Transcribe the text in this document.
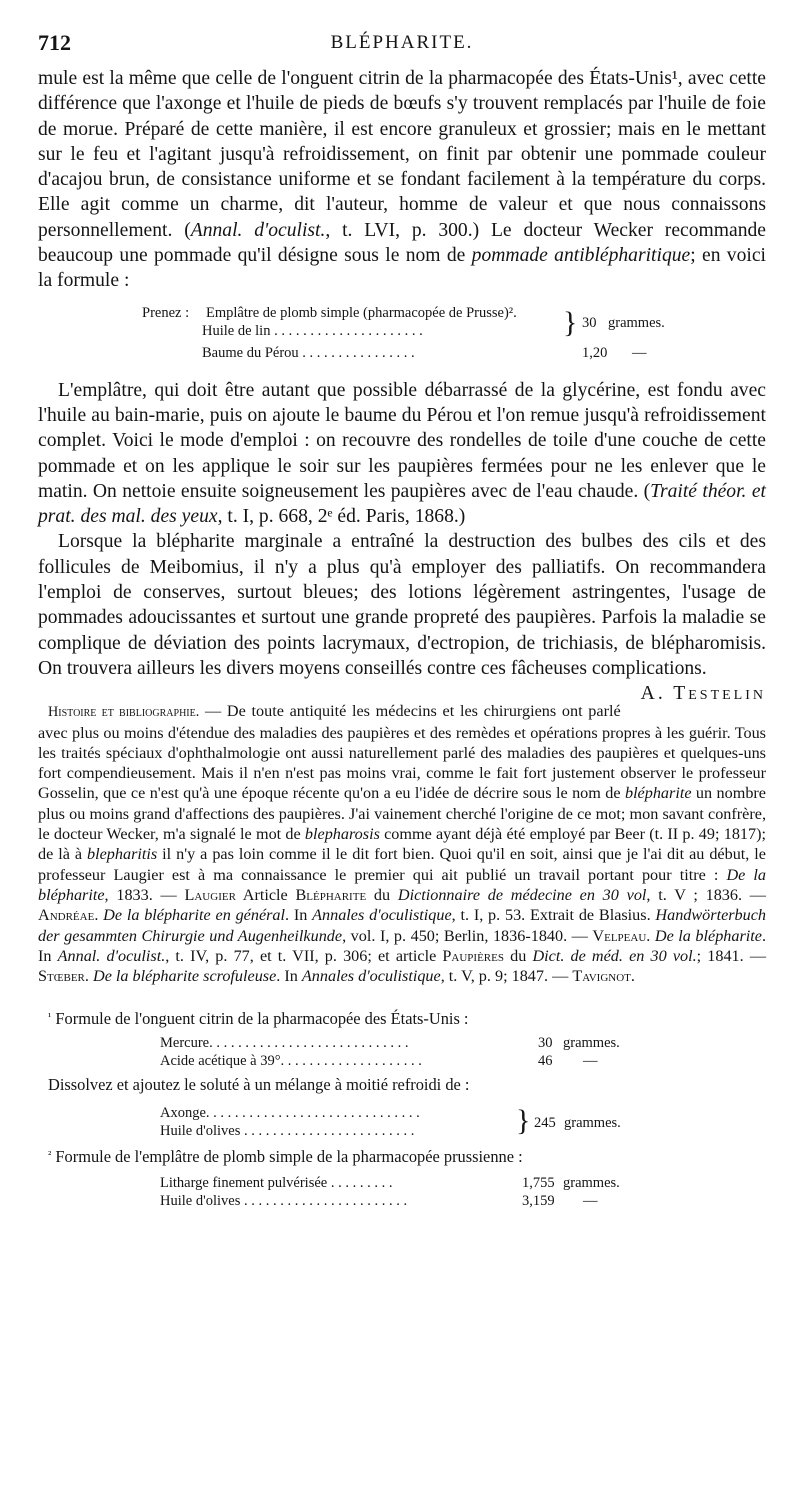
712	BLÉPHARITE.

mule est la même que celle de l'onguent citrin de la pharmacopée des États-Unis¹, avec cette différence que l'axonge et l'huile de pieds de bœufs s'y trouvent remplacés par l'huile de foie de morue. Préparé de cette manière, il est encore granuleux et grossier; mais en le mettant sur le feu et l'agitant jusqu'à refroidissement, on finit par obtenir une pommade couleur d'acajou brun, de consistance uniforme et se fondant facilement à la température du corps. Elle agit comme un charme, dit l'auteur, homme de valeur et que nous connaissons personnellement. (Annal. d'oculist., t. LVI, p. 300.) Le docteur Wecker recommande beaucoup une pommade qu'il désigne sous le nom de pommade antiblépharitique; en voici la formule :

Prenez : Emplâtre de plomb simple (pharmacopée de Prusse)².
Huile de lin . . . . . . . . . . . . . . . . . . . . .	} 30 grammes.
Baume du Pérou . . . . . . . . . . . . . . . .	1,20 —

L'emplâtre, qui doit être autant que possible débarrassé de la glycérine, est fondu avec l'huile au bain-marie, puis on ajoute le baume du Pérou et l'on remue jusqu'à refroidissement complet. Voici le mode d'emploi : on recouvre des rondelles de toile d'une couche de cette pommade et on les applique le soir sur les paupières fermées pour ne les enlever que le matin. On nettoie ensuite soigneusement les paupières avec de l'eau chaude. (Traité théor. et prat. des mal. des yeux, t. I, p. 668, 2ᵉ éd. Paris, 1868.)

Lorsque la blépharite marginale a entraîné la destruction des bulbes des cils et des follicules de Meibomius, il n'y a plus qu'à employer des palliatifs. On recommandera l'emploi de conserves, surtout bleues; des lotions légèrement astringentes, l'usage de pommades adoucissantes et surtout une grande propreté des paupières. Parfois la maladie se complique de déviation des points lacrymaux, d'ectropion, de trichiasis, de blépharomisis. On trouvera ailleurs les divers moyens conseillés contre ces fâcheuses complications.
A. Testelin

Histoire et bibliographie. — De toute antiquité les médecins et les chirurgiens ont parlé avec plus ou moins d'étendue des maladies des paupières et des remèdes et opérations propres à les guérir. Tous les traités spéciaux d'ophthalmologie ont aussi naturellement parlé des maladies des paupières et quelques-uns fort compendieusement. Mais il n'en n'est pas moins vrai, comme le fait fort justement observer le professeur Gosselin, que ce n'est qu'à une époque récente qu'on a eu l'idée de décrire sous le nom de blépharite un nombre plus ou moins grand d'affections des paupières. J'ai vainement cherché l'origine de ce mot; mon savant confrère, le docteur Wecker, m'a signalé le mot de blepharosis comme ayant déjà été employé par Beer (t. II p. 49; 1817); de là à blepharitis il n'y a pas loin comme il le dit fort bien. Quoi qu'il en soit, ainsi que je l'ai dit au début, le professeur Laugier est à ma connaissance le premier qui ait publié un travail portant pour titre : De la blépharite, 1833. — Laugier Article Blépharite du Dictionnaire de médecine en 30 vol, t. V ; 1836. — Andréae. De la blépharite en général. In Annales d'oculistique, t. I, p. 53. Extrait de Blasius. Handwörterbuch der gesammten Chirurgie und Augenheilkunde, vol. I, p. 450; Berlin, 1836-1840. — Velpeau. De la blépharite. In Annal. d'oculist., t. IV, p. 77, et t. VII, p. 306; et article Paupières du Dict. de méd. en 30 vol.; 1841. — Stœber. De la blépharite scrofuleuse. In Annales d'oculistique, t. V, p. 9; 1847. — Tavignot.

$^{^1}$ Formule de l'onguent citrin de la pharmacopée des États-Unis :
Mercure. . . . . . . . . . . . . . . . . . . . . . . . . . . .	30 grammes.
Acide acétique à 39°. . . . . . . . . . . . . . . . . . . .	46 —
Dissolvez et ajoutez le soluté à un mélange à moitié refroidi de :
Axonge. . . . . . . . . . . . . . . . . . . . . . . . . . . . . .
Huile d'olives . . . . . . . . . . . . . . . . . . . . . . . .	} 245 grammes.
$^{^2}$ Formule de l'emplâtre de plomb simple de la pharmacopée prussienne :
Litharge finement pulvérisée . . . . . . . . .	1,755 grammes.
Huile d'olives . . . . . . . . . . . . . . . . . . . . . . .	3,159 —
